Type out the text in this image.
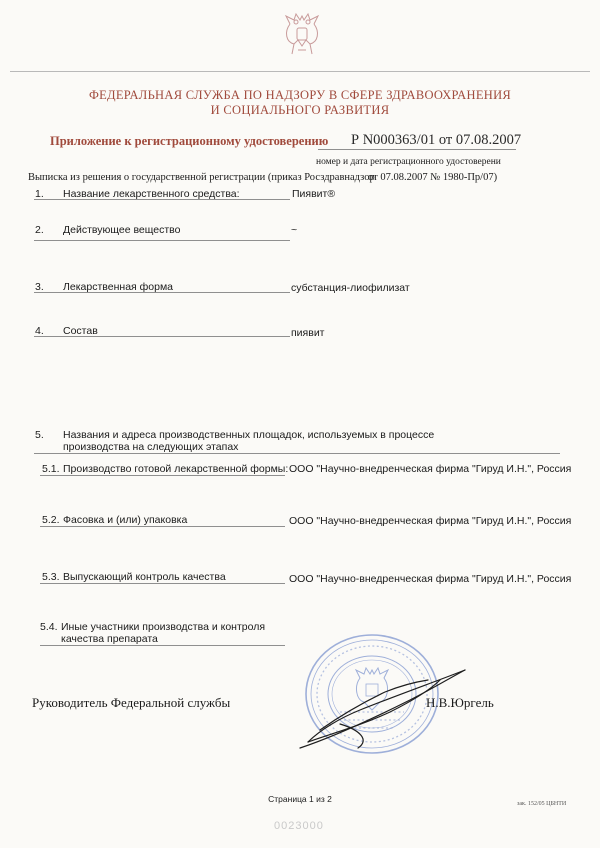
ФЕДЕРАЛЬНАЯ СЛУЖБА ПО НАДЗОРУ В СФЕРЕ ЗДРАВООХРАНЕНИЯ
И СОЦИАЛЬНОГО РАЗВИТИЯ
Приложение к регистрационному удостоверению Р N000363/01 от 07.08.2007
номер и дата регистрационного удостоверени
Выписка из решения о государственной регистрации (приказ Росздравнадзор
от 07.08.2007 № 1980-Пр/07)
1. Название лекарственного средства:	Пиявит®
2. Действующее вещество	~
3. Лекарственная форма	субстанция-лиофилизат
4. Состав	пиявит
5. Названия и адреса производственных площадок, используемых в процессе
производства на следующих этапах
5.1. Производство готовой лекарственной формы: ООО "Научно-внедренческая фирма "Гируд И.Н.", Россия
5.2. Фасовка и (или) упаковка	ООО "Научно-внедренческая фирма "Гируд И.Н.", Россия
5.3. Выпускающий контроль качества	ООО "Научно-внедренческая фирма "Гируд И.Н.", Россия
5.4. Иные участники производства и контроля
качества препарата
Руководитель Федеральной службы	Н.В.Юргель
Страница 1 из 2	зак. 152/05 ЦБНТИ
0023000
